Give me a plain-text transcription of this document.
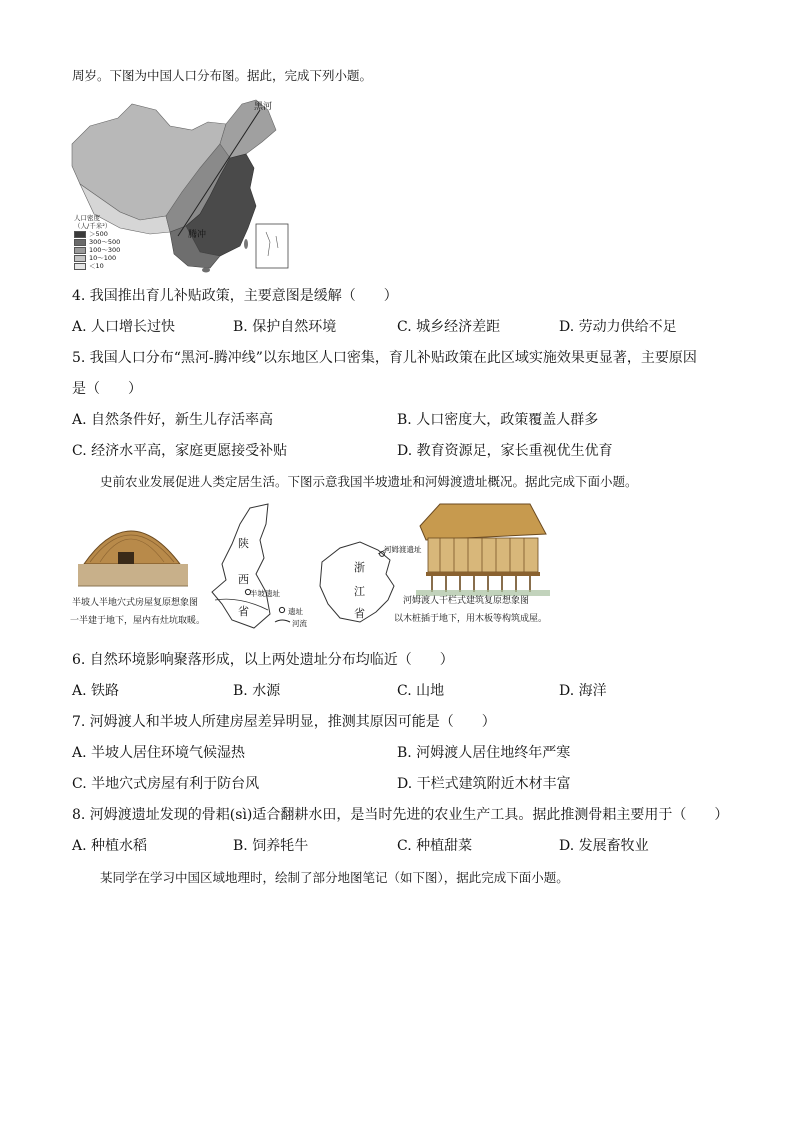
周岁。下图为中国人口分布图。据此，完成下列小题。
黑河
腾冲
人口密度
（人/千米²）
＞500
300～500
100～300
10～100
＜10
4. 我国推出育儿补贴政策，主要意图是缓解（　　）
A. 人口增长过快	B. 保护自然环境	C. 城乡经济差距	D. 劳动力供给不足
5. 我国人口分布“黑河-腾冲线”以东地区人口密集，育儿补贴政策在此区域实施效果更显著，主要原因
是（　　）
A. 自然条件好，新生儿存活率高	B. 人口密度大，政策覆盖人群多
C. 经济水平高，家庭更愿接受补贴	D. 教育资源足，家长重视优生优育
史前农业发展促进人类定居生活。下图示意我国半坡遗址和河姆渡遗址概况。据此完成下面小题。
半坡人半地穴式房屋复原想象图
一半建于地下，屋内有灶坑取暖。
陕
西
省
半坡遗址
遗址
河流
浙
江
省
河姆渡遗址
河姆渡人干栏式建筑复原想象图
以木桩插于地下，用木板等构筑成屋。
6. 自然环境影响聚落形成，以上两处遗址分布均临近（　　）
A. 铁路	B. 水源	C. 山地	D. 海洋
7. 河姆渡人和半坡人所建房屋差异明显，推测其原因可能是（　　）
A. 半坡人居住环境气候湿热	B. 河姆渡人居住地终年严寒
C. 半地穴式房屋有利于防台风	D. 干栏式建筑附近木材丰富
8. 河姆渡遗址发现的骨耜(sì)适合翻耕水田，是当时先进的农业生产工具。据此推测骨耜主要用于（　　）
A. 种植水稻	B. 饲养牦牛	C. 种植甜菜	D. 发展畜牧业
某同学在学习中国区域地理时，绘制了部分地图笔记（如下图），据此完成下面小题。
